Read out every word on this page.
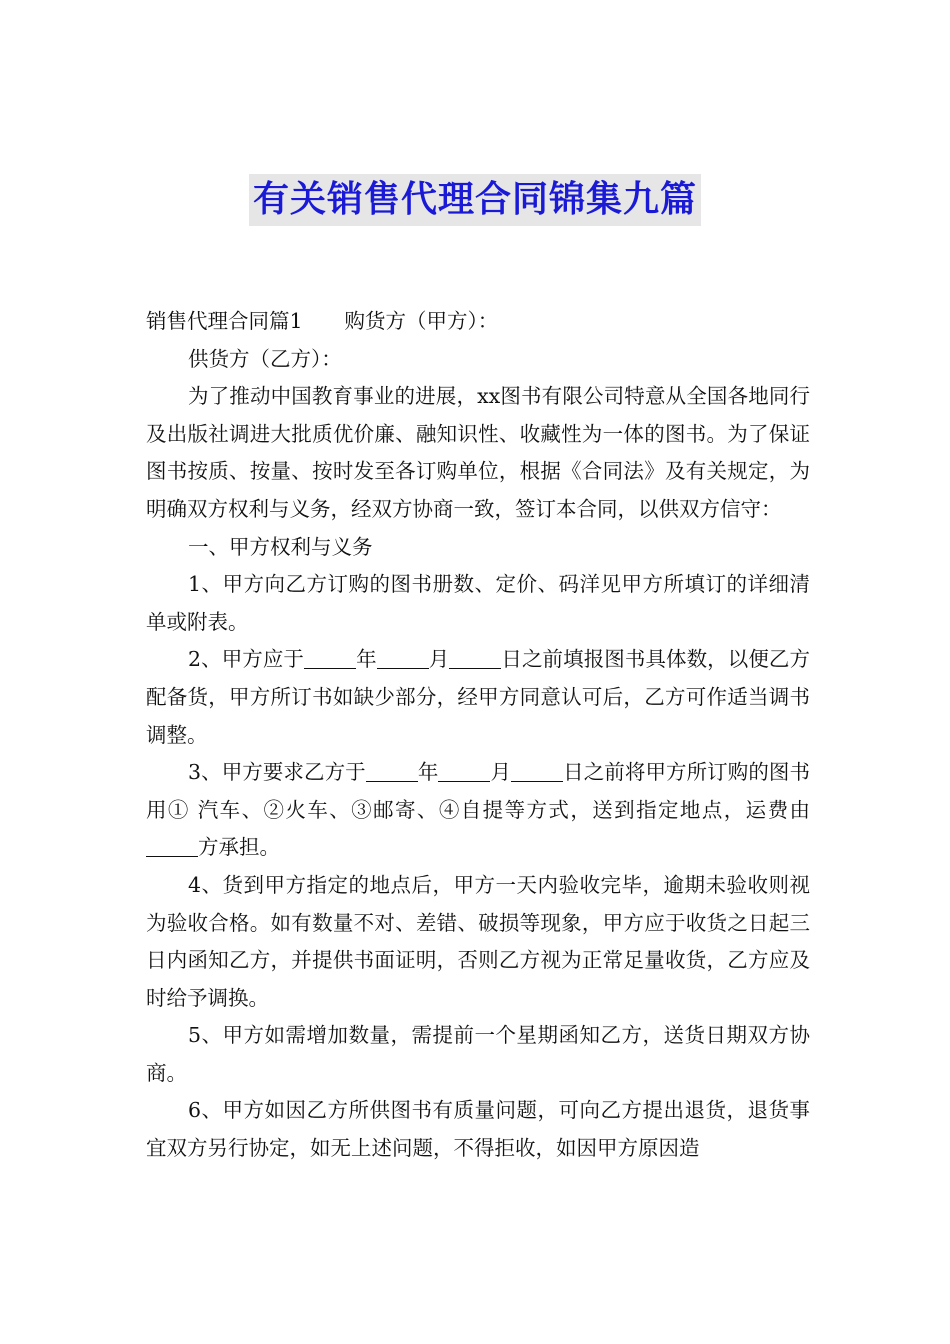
有关销售代理合同锦集九篇

销售代理合同篇1 购货方（甲方）：

供货方（乙方）：

为了推动中国教育事业的进展，xx图书有限公司特意从全国各地同行及出版社调进大批质优价廉、融知识性、收藏性为一体的图书。为了保证图书按质、按量、按时发至各订购单位，根据《合同法》及有关规定，为明确双方权利与义务，经双方协商一致，签订本合同，以供双方信守：

一、甲方权利与义务

1、甲方向乙方订购的图书册数、定价、码洋见甲方所填订的详细清单或附表。

2、甲方应于	年	月	日之前填报图书具体数，以便乙方配备货，甲方所订书如缺少部分，经甲方同意认可后，乙方可作适当调书调整。

3、甲方要求乙方于	年	月	日之前将甲方所订购的图书用① 汽车、②火车、③邮寄、④自提等方式，送到指定地点，运费由方承担。

4、货到甲方指定的地点后，甲方一天内验收完毕，逾期未验收则视为验收合格。如有数量不对、差错、破损等现象，甲方应于收货之日起三日内函知乙方，并提供书面证明，否则乙方视为正常足量收货，乙方应及时给予调换。

5、甲方如需增加数量，需提前一个星期函知乙方，送货日期双方协商。

6、甲方如因乙方所供图书有质量问题，可向乙方提出退货，退货事宜双方另行协定，如无上述问题，不得拒收，如因甲方原因造
